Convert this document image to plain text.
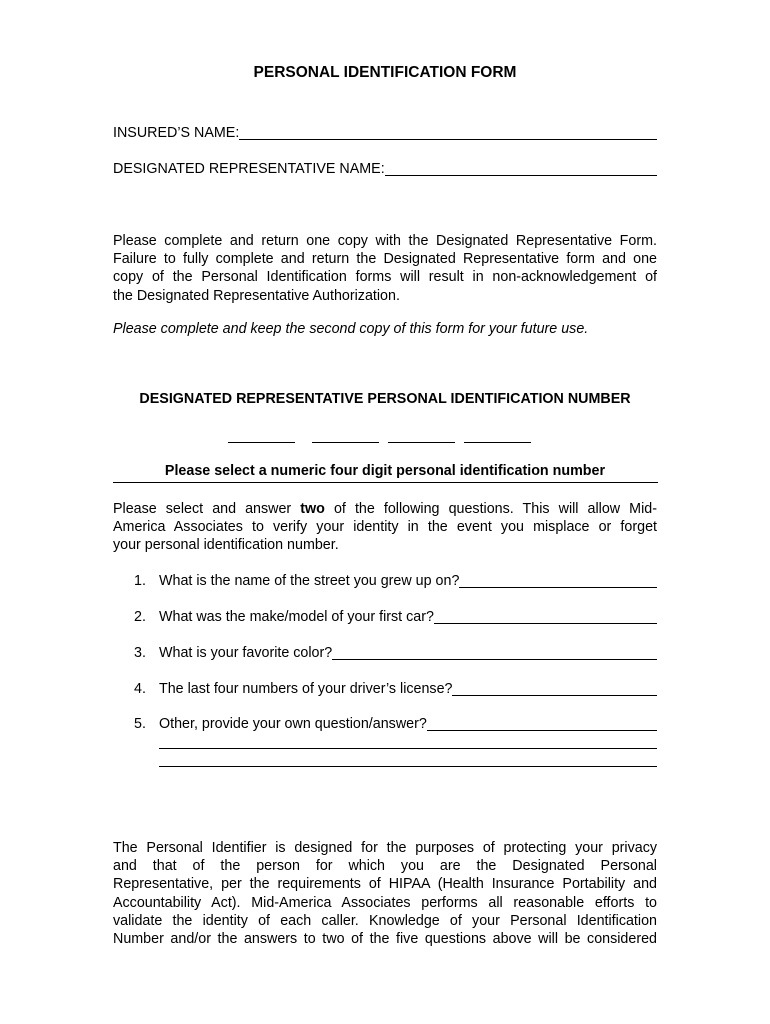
PERSONAL IDENTIFICATION FORM
INSURED’S NAME:
DESIGNATED REPRESENTATIVE NAME:
Please complete and return one copy with the Designated Representative Form.
Failure to fully complete and return the Designated Representative form and one
copy of the Personal Identification forms will result in non-acknowledgement of
the Designated Representative Authorization.
Please complete and keep the second copy of this form for your future use.
DESIGNATED REPRESENTATIVE PERSONAL IDENTIFICATION NUMBER
Please select a numeric four digit personal identification number
Please select and answer two of the following questions. This will allow Mid-
America Associates to verify your identity in the event you misplace or forget
your personal identification number.
1. What is the name of the street you grew up on?
2. What was the make/model of your first car?
3. What is your favorite color?
4. The last four numbers of your driver’s license?
5. Other, provide your own question/answer?
The Personal Identifier is designed for the purposes of protecting your privacy
and that of the person for which you are the Designated Personal
Representative, per the requirements of HIPAA (Health Insurance Portability and
Accountability Act). Mid-America Associates performs all reasonable efforts to
validate the identity of each caller. Knowledge of your Personal Identification
Number and/or the answers to two of the five questions above will be considered
